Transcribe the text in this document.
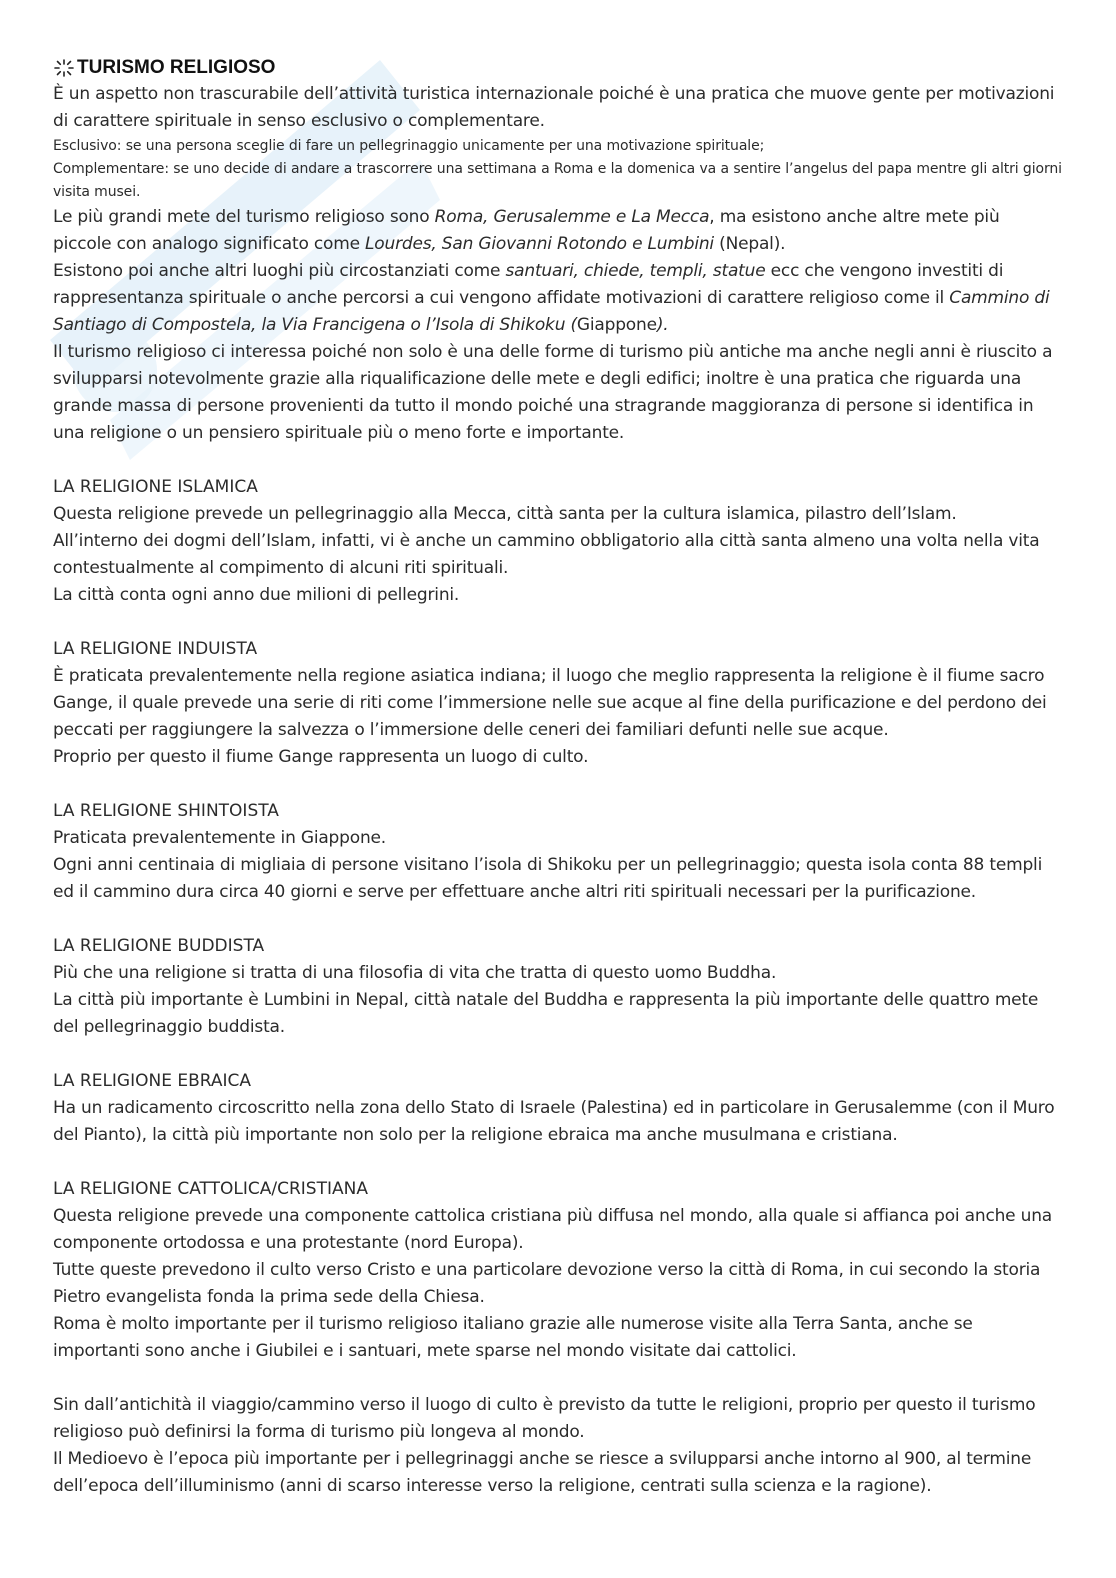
TURISMO RELIGIOSO

È un aspetto non trascurabile dell’attività turistica internazionale poiché è una pratica che muove gente per motivazioni di carattere spirituale in senso esclusivo o complementare.

Esclusivo: se una persona sceglie di fare un pellegrinaggio unicamente per una motivazione spirituale;

Complementare: se uno decide di andare a trascorrere una settimana a Roma e la domenica va a sentire l’angelus del papa mentre gli altri giorni visita musei.

Le più grandi mete del turismo religioso sono Roma, Gerusalemme e La Mecca, ma esistono anche altre mete più piccole con analogo significato come Lourdes, San Giovanni Rotondo e Lumbini (Nepal).

Esistono poi anche altri luoghi più circostanziati come santuari, chiede, templi, statue ecc che vengono investiti di rappresentanza spirituale o anche percorsi a cui vengono affidate motivazioni di carattere religioso come il Cammino di Santiago di Compostela, la Via Francigena o l’Isola di Shikoku (Giappone).

Il turismo religioso ci interessa poiché non solo è una delle forme di turismo più antiche ma anche negli anni è riuscito a svilupparsi notevolmente grazie alla riqualificazione delle mete e degli edifici; inoltre è una pratica che riguarda una grande massa di persone provenienti da tutto il mondo poiché una stragrande maggioranza di persone si identifica in una religione o un pensiero spirituale più o meno forte e importante.

LA RELIGIONE ISLAMICA

Questa religione prevede un pellegrinaggio alla Mecca, città santa per la cultura islamica, pilastro dell’Islam.

All’interno dei dogmi dell’Islam, infatti, vi è anche un cammino obbligatorio alla città santa almeno una volta nella vita contestualmente al compimento di alcuni riti spirituali.

La città conta ogni anno due milioni di pellegrini.

LA RELIGIONE INDUISTA

È praticata prevalentemente nella regione asiatica indiana; il luogo che meglio rappresenta la religione è il fiume sacro Gange, il quale prevede una serie di riti come l’immersione nelle sue acque al fine della purificazione e del perdono dei peccati per raggiungere la salvezza o l’immersione delle ceneri dei familiari defunti nelle sue acque.

Proprio per questo il fiume Gange rappresenta un luogo di culto.

LA RELIGIONE SHINTOISTA

Praticata prevalentemente in Giappone.

Ogni anni centinaia di migliaia di persone visitano l’isola di Shikoku per un pellegrinaggio; questa isola conta 88 templi ed il cammino dura circa 40 giorni e serve per effettuare anche altri riti spirituali necessari per la purificazione.

LA RELIGIONE BUDDISTA

Più che una religione si tratta di una filosofia di vita che tratta di questo uomo Buddha.

La città più importante è Lumbini in Nepal, città natale del Buddha e rappresenta la più importante delle quattro mete del pellegrinaggio buddista.

LA RELIGIONE EBRAICA

Ha un radicamento circoscritto nella zona dello Stato di Israele (Palestina) ed in particolare in Gerusalemme (con il Muro del Pianto), la città più importante non solo per la religione ebraica ma anche musulmana e cristiana.

LA RELIGIONE CATTOLICA/CRISTIANA

Questa religione prevede una componente cattolica cristiana più diffusa nel mondo, alla quale si affianca poi anche una componente ortodossa e una protestante (nord Europa).

Tutte queste prevedono il culto verso Cristo e una particolare devozione verso la città di Roma, in cui secondo la storia Pietro evangelista fonda la prima sede della Chiesa.

Roma è molto importante per il turismo religioso italiano grazie alle numerose visite alla Terra Santa, anche se importanti sono anche i Giubilei e i santuari, mete sparse nel mondo visitate dai cattolici.

Sin dall’antichità il viaggio/cammino verso il luogo di culto è previsto da tutte le religioni, proprio per questo il turismo religioso può definirsi la forma di turismo più longeva al mondo.

Il Medioevo è l’epoca più importante per i pellegrinaggi anche se riesce a svilupparsi anche intorno al 900, al termine dell’epoca dell’illuminismo (anni di scarso interesse verso la religione, centrati sulla scienza e la ragione).
